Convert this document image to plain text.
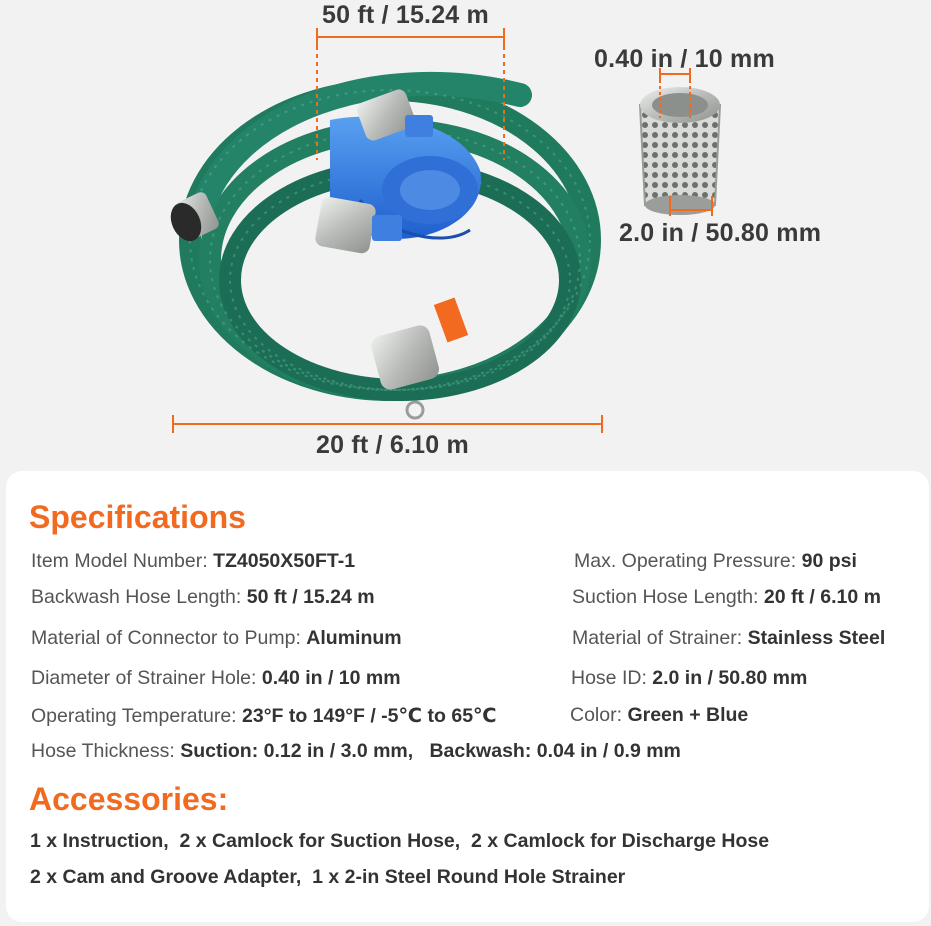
50 ft / 15.24 m
0.40 in / 10 mm
2.0 in / 50.80 mm
20 ft / 6.10 m
Specifications
Item Model Number: TZ4050X50FT-1
Backwash Hose Length: 50 ft / 15.24 m
Material of Connector to Pump: Aluminum
Diameter of Strainer Hole: 0.40 in / 10 mm
Operating Temperature: 23°F to 149°F / -5℃ to 65℃
Hose Thickness: Suction: 0.12 in / 3.0 mm,   Backwash: 0.04 in / 0.9 mm
Max. Operating Pressure: 90 psi
Suction Hose Length: 20 ft / 6.10 m
Material of Strainer: Stainless Steel
Hose ID: 2.0 in / 50.80 mm
Color: Green + Blue
Accessories:
1 x Instruction,  2 x Camlock for Suction Hose,  2 x Camlock for Discharge Hose
2 x Cam and Groove Adapter,  1 x 2-in Steel Round Hole Strainer
